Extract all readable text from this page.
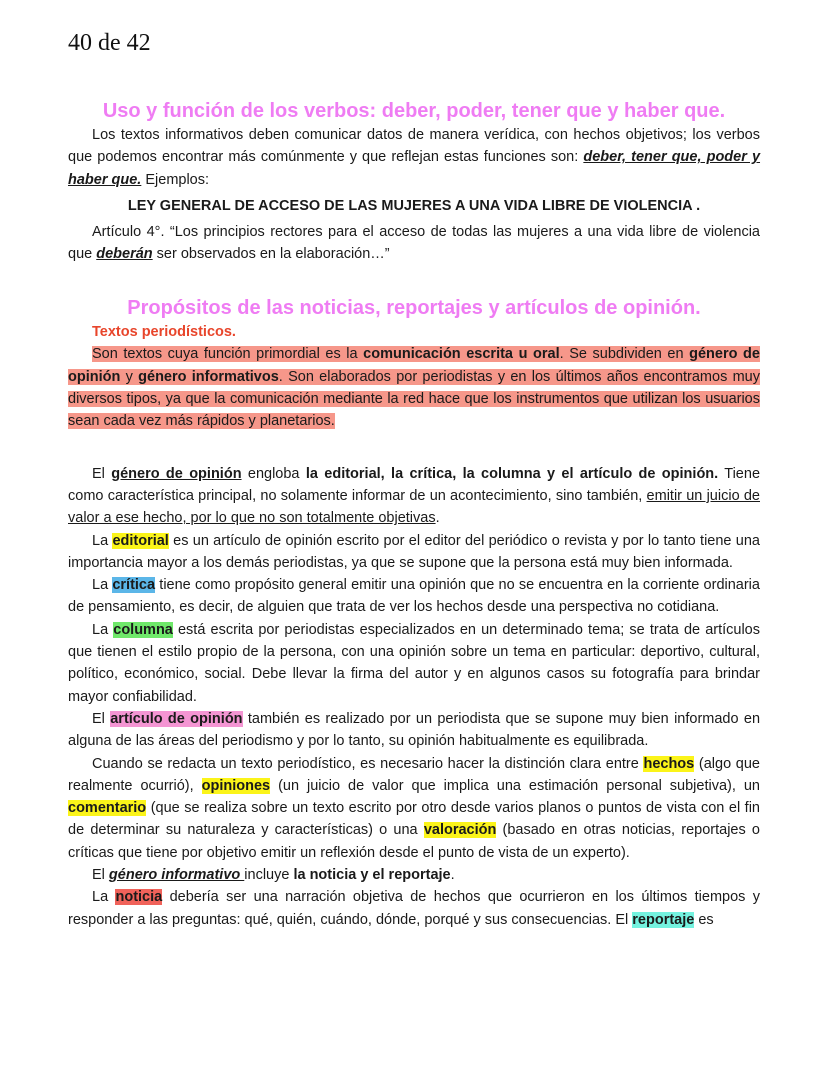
40 de 42
Uso y función de los verbos: deber, poder, tener que y haber que.

Los textos informativos deben comunicar datos de manera verídica, con hechos objetivos; los verbos que podemos encontrar más comúnmente y que reflejan estas funciones son: deber, tener que, poder y haber que. Ejemplos:

LEY GENERAL DE ACCESO DE LAS MUJERES A UNA VIDA LIBRE DE VIOLENCIA .

Artículo 4°. “Los principios rectores para el acceso de todas las mujeres a una vida libre de violencia que deberán ser observados en la elaboración…”

Propósitos de las noticias, reportajes y artículos de opinión.
Textos periodísticos.

Son textos cuya función primordial es la comunicación escrita u oral. Se subdividen en género de opinión y género informativos. Son elaborados por periodistas y en los últimos años encontramos muy diversos tipos, ya que la comunicación mediante la red hace que los instrumentos que utilizan los usuarios sean cada vez más rápidos y planetarios.

El género de opinión engloba la editorial, la crítica, la columna y el artículo de opinión. Tiene como característica principal, no solamente informar de un acontecimiento, sino también, emitir un juicio de valor a ese hecho, por lo que no son totalmente objetivas.

La editorial es un artículo de opinión escrito por el editor del periódico o revista y por lo tanto tiene una importancia mayor a los demás periodistas, ya que se supone que la persona está muy bien informada.

La crítica tiene como propósito general emitir una opinión que no se encuentra en la corriente ordinaria de pensamiento, es decir, de alguien que trata de ver los hechos desde una perspectiva no cotidiana.

La columna está escrita por periodistas especializados en un determinado tema; se trata de artículos que tienen el estilo propio de la persona, con una opinión sobre un tema en particular: deportivo, cultural, político, económico, social. Debe llevar la firma del autor y en algunos casos su fotografía para brindar mayor confiabilidad.

El artículo de opinión también es realizado por un periodista que se supone muy bien informado en alguna de las áreas del periodismo y por lo tanto, su opinión habitualmente es equilibrada.

Cuando se redacta un texto periodístico, es necesario hacer la distinción clara entre hechos (algo que realmente ocurrió), opiniones (un juicio de valor que implica una estimación personal subjetiva), un comentario (que se realiza sobre un texto escrito por otro desde varios planos o puntos de vista con el fin de determinar su naturaleza y características) o una valoración (basado en otras noticias, reportajes o críticas que tiene por objetivo emitir un reflexión desde el punto de vista de un experto).

El género informativo incluye la noticia y el reportaje.

La noticia debería ser una narración objetiva de hechos que ocurrieron en los últimos tiempos y responder a las preguntas: qué, quién, cuándo, dónde, porqué y sus consecuencias. El reportaje es
